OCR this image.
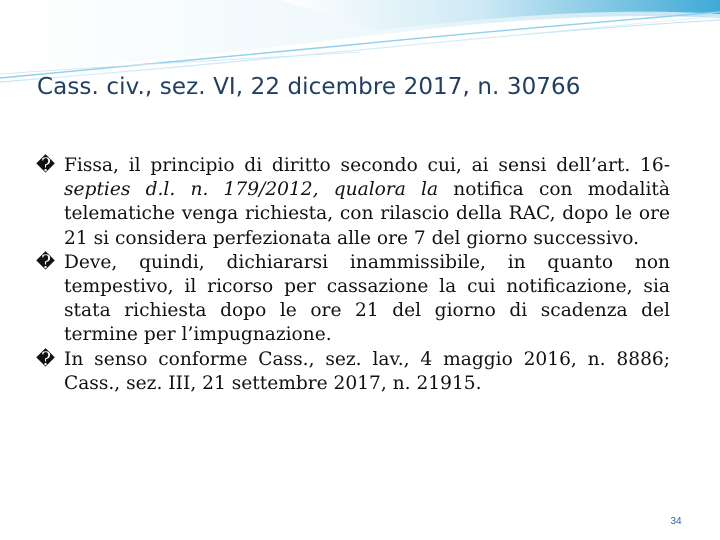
Cass. civ., sez. VI, 22 dicembre 2017, n. 30766

� Fissa, il principio di diritto secondo cui, ai sensi dell’art. 16-septies d.l. n. 179/2012, qualora la notifica con modalità telematiche venga richiesta, con rilascio della RAC, dopo le ore 21 si considera perfezionata alle ore 7 del giorno successivo.

� Deve, quindi, dichiararsi inammissibile, in quanto non tempestivo, il ricorso per cassazione la cui notificazione, sia stata richiesta dopo le ore 21 del giorno di scadenza del termine per l’impugnazione.

� In senso conforme Cass., sez. lav., 4 maggio 2016, n. 8886; Cass., sez. III, 21 settembre 2017, n. 21915.

34
